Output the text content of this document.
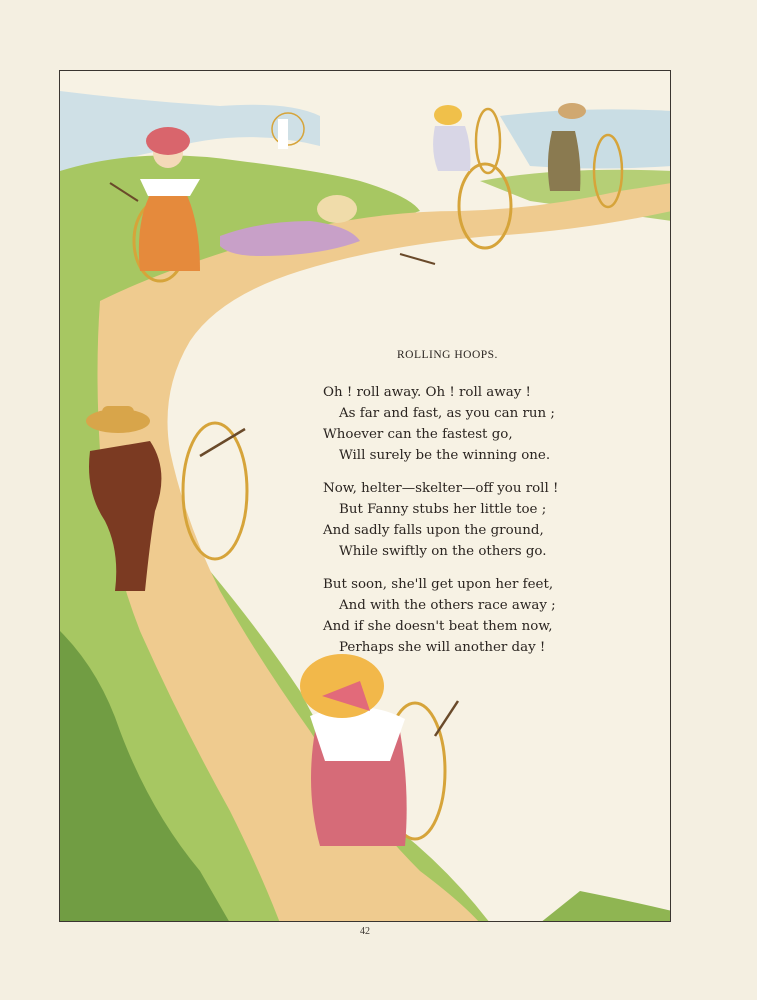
ROLLING HOOPS.
Oh ! roll away. Oh ! roll away !
As far and fast, as you can run ;
Whoever can the fastest go,
Will surely be the winning one.
Now, helter—skelter—off you roll !
But Fanny stubs her little toe ;
And sadly falls upon the ground,
While swiftly on the others go.
But soon, she'll get upon her feet,
And with the others race away ;
And if she doesn't beat them now,
Perhaps she will another day !
42
